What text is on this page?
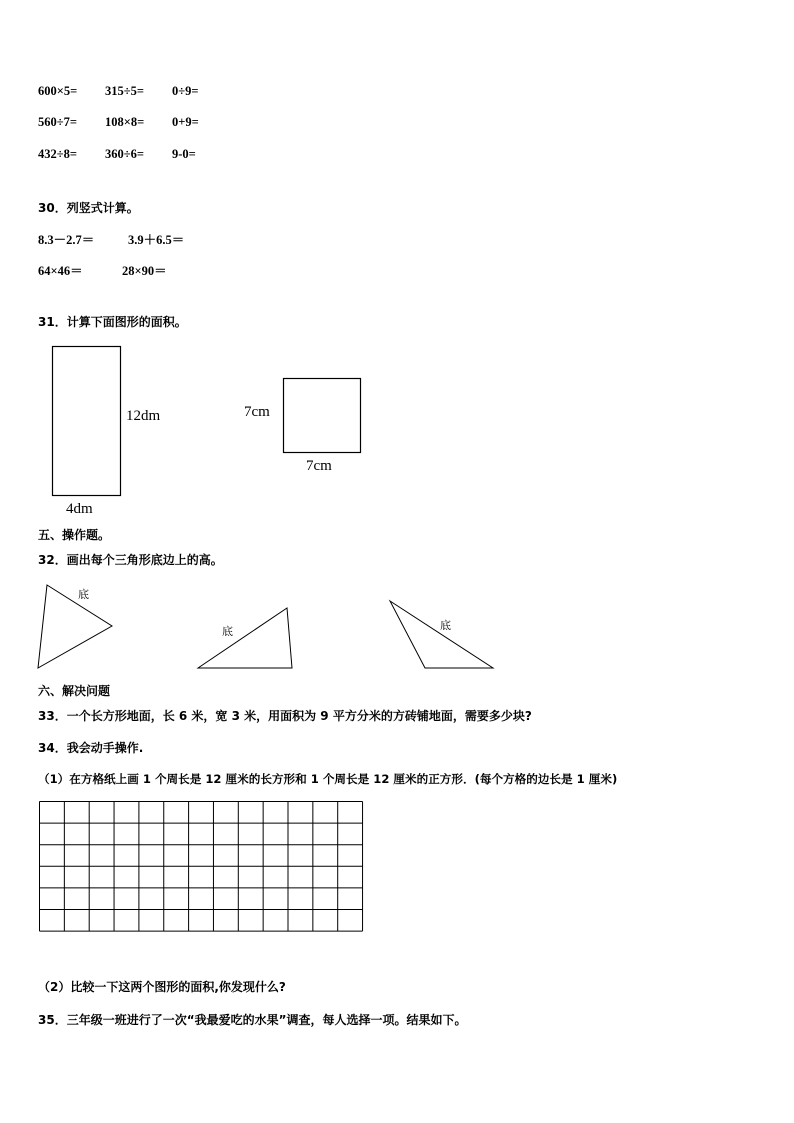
600×5= 315÷5= 0÷9=
560÷7= 108×8= 0+9=
432÷8= 360÷6= 9-0=
30．列竖式计算。
8.3－2.7＝	3.9＋6.5＝
64×46＝	28×90＝
31．计算下面图形的面积。
12dm
4dm
7cm
7cm
五、操作题。
32．画出每个三角形底边上的高。
底
底	底
六、解决问题
33．一个长方形地面，长 6 米，宽 3 米，用面积为 9 平方分米的方砖铺地面，需要多少块?
34．我会动手操作.
（1）在方格纸上画 1 个周长是 12 厘米的长方形和 1 个周长是 12 厘米的正方形．(每个方格的边长是 1 厘米)
（2）比较一下这两个图形的面积,你发现什么?
35．三年级一班进行了一次“我最爱吃的水果”调查，每人选择一项。结果如下。
